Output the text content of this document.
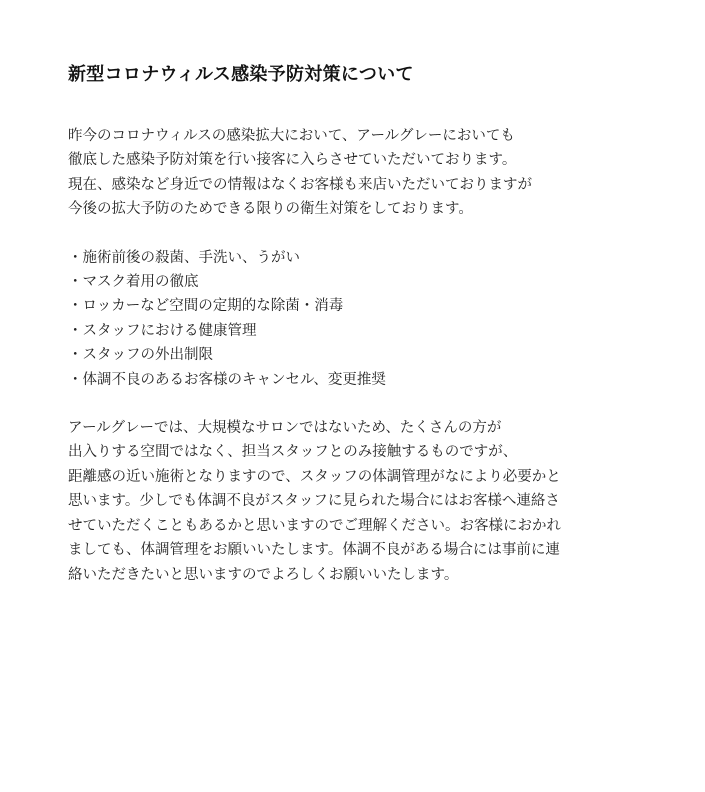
新型コロナウィルス感染予防対策について
昨今のコロナウィルスの感染拡大において、アールグレーにおいても
徹底した感染予防対策を行い接客に入らさせていただいております。
現在、感染など身近での情報はなくお客様も来店いただいておりますが
今後の拡大予防のためできる限りの衛生対策をしております。
・施術前後の殺菌、手洗い、うがい
・マスク着用の徹底
・ロッカーなど空間の定期的な除菌・消毒
・スタッフにおける健康管理
・スタッフの外出制限
・体調不良のあるお客様のキャンセル、変更推奨
アールグレーでは、大規模なサロンではないため、たくさんの方が
出入りする空間ではなく、担当スタッフとのみ接触するものですが、
距離感の近い施術となりますので、スタッフの体調管理がなにより必要かと
思います。少しでも体調不良がスタッフに見られた場合にはお客様へ連絡さ
せていただくこともあるかと思いますのでご理解ください。お客様におかれ
ましても、体調管理をお願いいたします。体調不良がある場合には事前に連
絡いただきたいと思いますのでよろしくお願いいたします。
